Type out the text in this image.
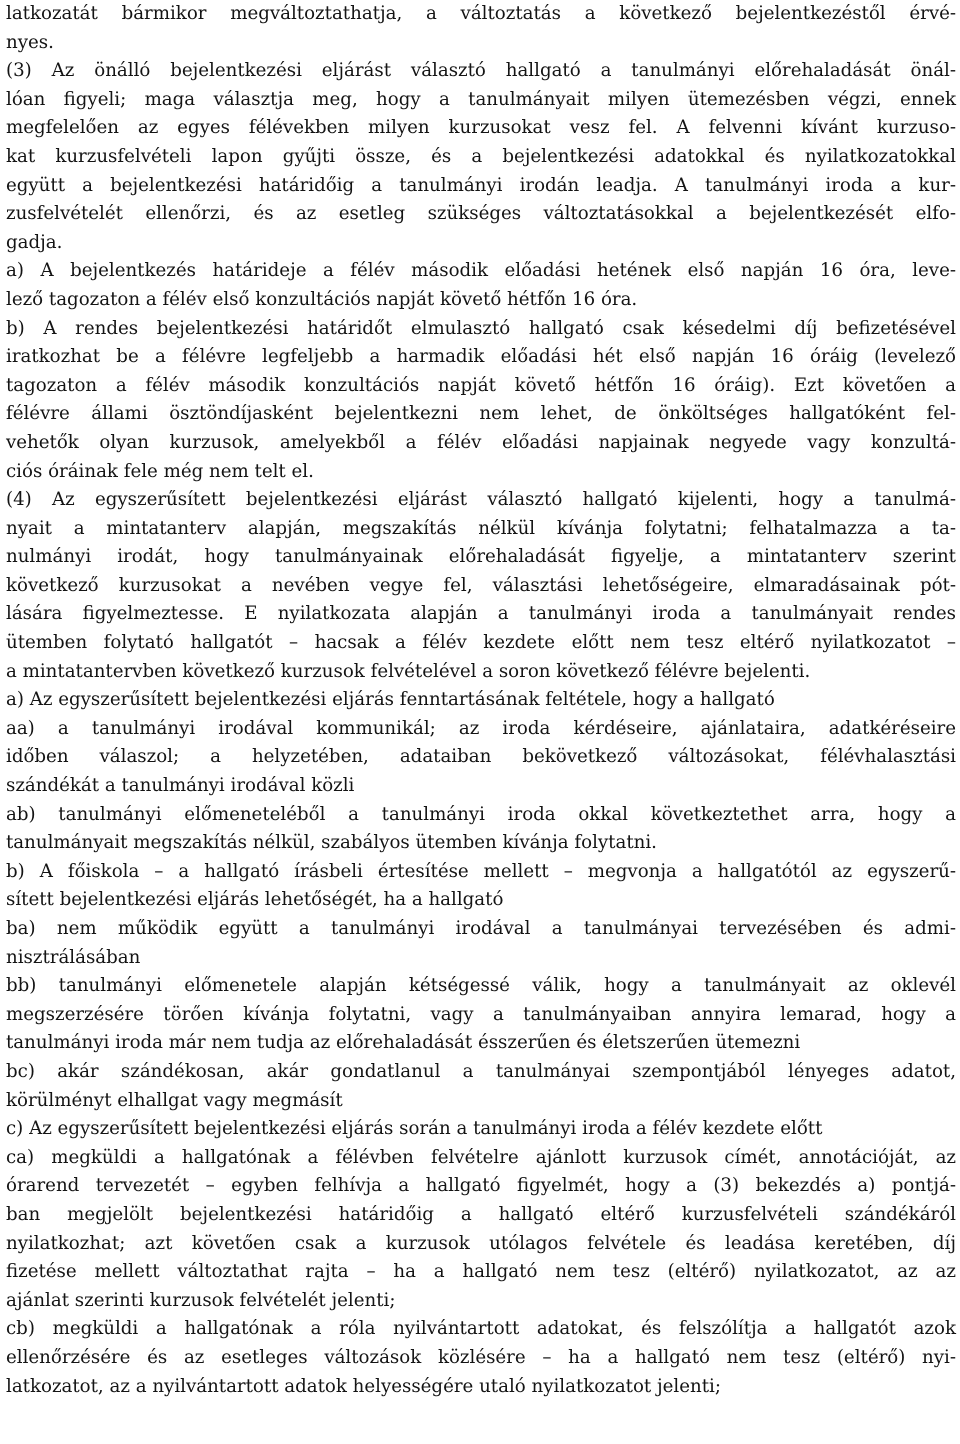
latkozatát bármikor megváltoztathatja, a változtatás a következő bejelentkezéstől érvé-
nyes.
(3) Az önálló bejelentkezési eljárást választó hallgató a tanulmányi előrehaladását önál-
lóan figyeli; maga választja meg, hogy a tanulmányait milyen ütemezésben végzi, ennek
megfelelően az egyes félévekben milyen kurzusokat vesz fel. A felvenni kívánt kurzuso-
kat kurzusfelvételi lapon gyűjti össze, és a bejelentkezési adatokkal és nyilatkozatokkal
együtt a bejelentkezési határidőig a tanulmányi irodán leadja. A tanulmányi iroda a kur-
zusfelvételét ellenőrzi, és az esetleg szükséges változtatásokkal a bejelentkezését elfo-
gadja.
a) A bejelentkezés határideje a félév második előadási hetének első napján 16 óra, leve-
lező tagozaton a félév első konzultációs napját követő hétfőn 16 óra.
b) A rendes bejelentkezési határidőt elmulasztó hallgató csak késedelmi díj befizetésével
iratkozhat be a félévre legfeljebb a harmadik előadási hét első napján 16 óráig (levelező
tagozaton a félév második konzultációs napját követő hétfőn 16 óráig). Ezt követően a
félévre állami ösztöndíjasként bejelentkezni nem lehet, de önköltséges hallgatóként fel-
vehetők olyan kurzusok, amelyekből a félév előadási napjainak negyede vagy konzultá-
ciós óráinak fele még nem telt el.
(4) Az egyszerűsített bejelentkezési eljárást választó hallgató kijelenti, hogy a tanulmá-
nyait a mintatanterv alapján, megszakítás nélkül kívánja folytatni; felhatalmazza a ta-
nulmányi irodát, hogy tanulmányainak előrehaladását figyelje, a mintatanterv szerint
következő kurzusokat a nevében vegye fel, választási lehetőségeire, elmaradásainak pót-
lására figyelmeztesse. E nyilatkozata alapján a tanulmányi iroda a tanulmányait rendes
ütemben folytató hallgatót – hacsak a félév kezdete előtt nem tesz eltérő nyilatkozatot –
a mintatantervben következő kurzusok felvételével a soron következő félévre bejelenti.
a) Az egyszerűsített bejelentkezési eljárás fenntartásának feltétele, hogy a hallgató
aa) a tanulmányi irodával kommunikál; az iroda kérdéseire, ajánlataira, adatkéréseire
időben válaszol; a helyzetében, adataiban bekövetkező változásokat, félévhalasztási
szándékát a tanulmányi irodával közli
ab) tanulmányi előmeneteléből a tanulmányi iroda okkal következtethet arra, hogy a
tanulmányait megszakítás nélkül, szabályos ütemben kívánja folytatni.
b) A főiskola – a hallgató írásbeli értesítése mellett – megvonja a hallgatótól az egyszerű-
sített bejelentkezési eljárás lehetőségét, ha a hallgató
ba) nem működik együtt a tanulmányi irodával a tanulmányai tervezésében és admi-
nisztrálásában
bb) tanulmányi előmenetele alapján kétségessé válik, hogy a tanulmányait az oklevél
megszerzésére törően kívánja folytatni, vagy a tanulmányaiban annyira lemarad, hogy a
tanulmányi iroda már nem tudja az előrehaladását ésszerűen és életszerűen ütemezni
bc) akár szándékosan, akár gondatlanul a tanulmányai szempontjából lényeges adatot,
körülményt elhallgat vagy megmásít
c) Az egyszerűsített bejelentkezési eljárás során a tanulmányi iroda a félév kezdete előtt
ca) megküldi a hallgatónak a félévben felvételre ajánlott kurzusok címét, annotációját, az
órarend tervezetét – egyben felhívja a hallgató figyelmét, hogy a (3) bekezdés a) pontjá-
ban megjelölt bejelentkezési határidőig a hallgató eltérő kurzusfelvételi szándékáról
nyilatkozhat; azt követően csak a kurzusok utólagos felvétele és leadása keretében, díj
fizetése mellett változtathat rajta – ha a hallgató nem tesz (eltérő) nyilatkozatot, az az
ajánlat szerinti kurzusok felvételét jelenti;
cb) megküldi a hallgatónak a róla nyilvántartott adatokat, és felszólítja a hallgatót azok
ellenőrzésére és az esetleges változások közlésére – ha a hallgató nem tesz (eltérő) nyi-
latkozatot, az a nyilvántartott adatok helyességére utaló nyilatkozatot jelenti;
